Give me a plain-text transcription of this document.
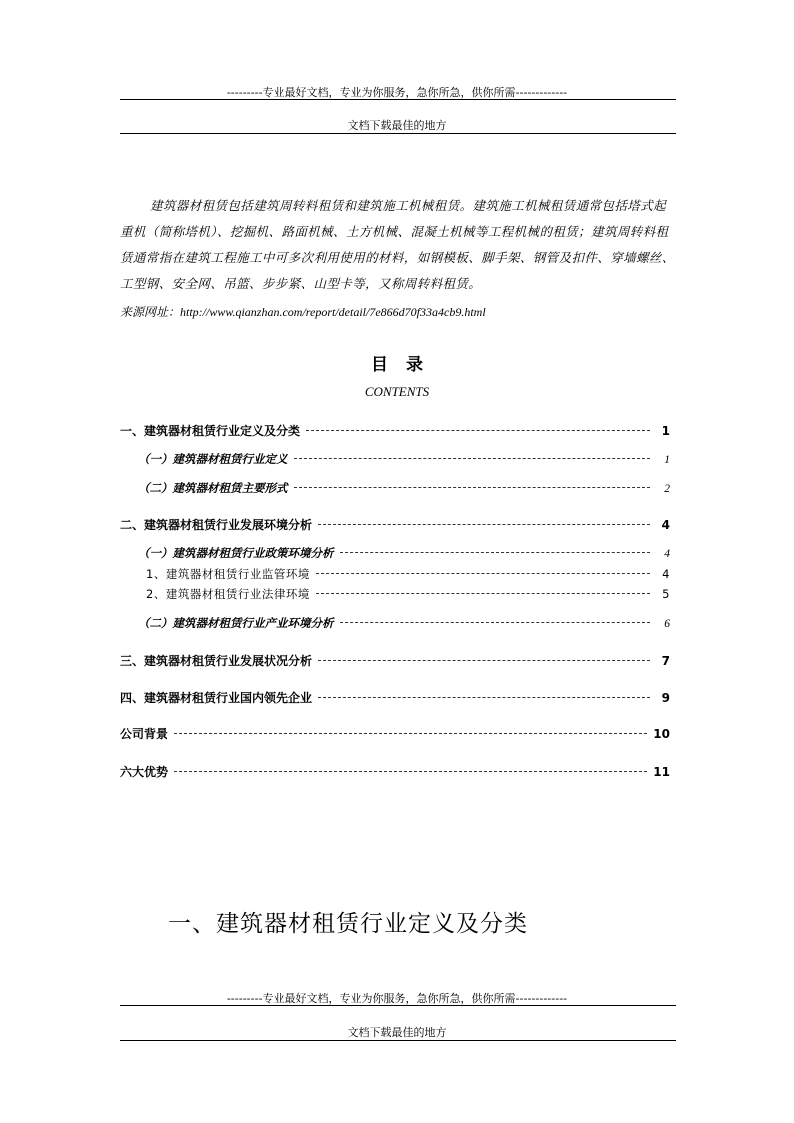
---------专业最好文档，专业为你服务，急你所急，供你所需-------------
文档下载最佳的地方
建筑器材租赁包括建筑周转料租赁和建筑施工机械租赁。建筑施工机械租赁通常包括塔式起重机（简称塔机）、挖掘机、路面机械、土方机械、混凝土机械等工程机械的租赁；建筑周转料租赁通常指在建筑工程施工中可多次利用使用的材料，如钢模板、脚手架、钢管及扣件、穿墙螺丝、工型钢、安全网、吊篮、步步紧、山型卡等，又称周转料租赁。
来源网址：http://www.qianzhan.com/report/detail/7e866d70f33a4cb9.html
目录
CONTENTS
一、建筑器材租赁行业定义及分类	1
（一）建筑器材租赁行业定义	1
（二）建筑器材租赁主要形式	2
二、建筑器材租赁行业发展环境分析	4
（一）建筑器材租赁行业政策环境分析	4
1、建筑器材租赁行业监管环境	4
2、建筑器材租赁行业法律环境	5
（二）建筑器材租赁行业产业环境分析	6
三、建筑器材租赁行业发展状况分析	7
四、建筑器材租赁行业国内领先企业	9
公司背景	10
六大优势	11
一、建筑器材租赁行业定义及分类
---------专业最好文档，专业为你服务，急你所急，供你所需-------------
文档下载最佳的地方
